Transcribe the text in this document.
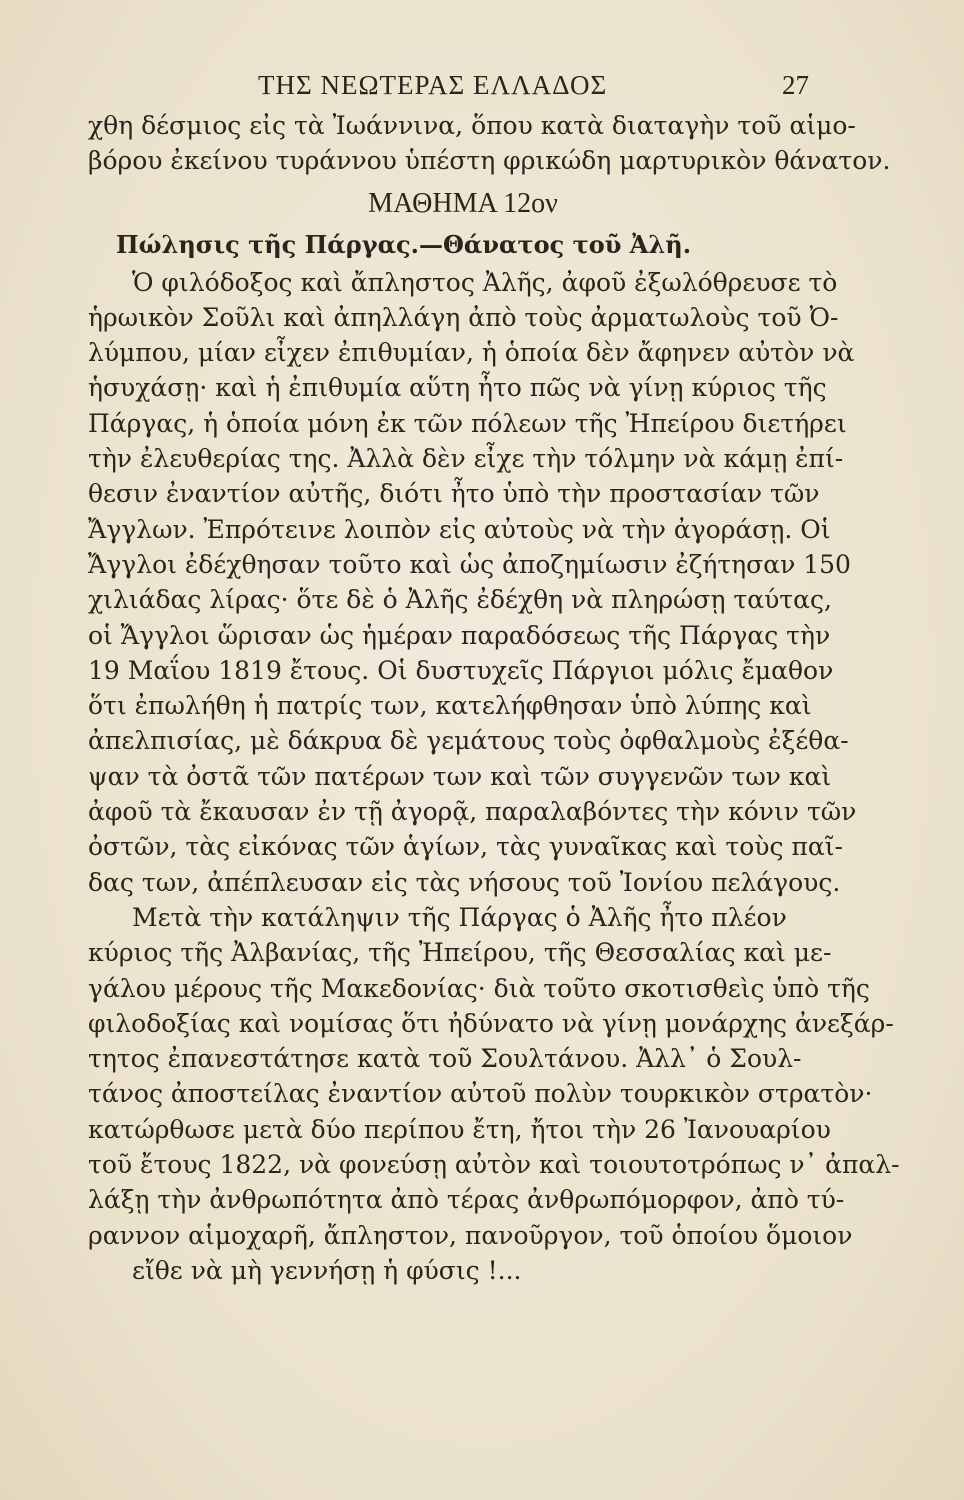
ΤΗΣ ΝΕΩΤΕΡΑΣ ΕΛΛΑΔΟΣ	27
χθη δέσμιος εἰς τὰ Ἰωάννινα, ὅπου κατὰ διαταγὴν τοῦ αἱμο-
βόρου ἐκείνου τυράννου ὑπέστη φρικώδη μαρτυρικὸν θάνατον.
ΜΑΘΗΜΑ 12ον
Πώλησις τῆς Πάργας.—Θάνατος τοῦ Ἀλῆ.
Ὁ φιλόδοξος καὶ ἄπληστος Ἀλῆς, ἀφοῦ ἐξωλόθρευσε τὸ
ἡρωικὸν Σοῦλι καὶ ἀπηλλάγη ἀπὸ τοὺς ἀρματωλοὺς τοῦ Ὀ-
λύμπου, μίαν εἶχεν ἐπιθυμίαν, ἡ ὁποία δὲν ἄφηνεν αὐτὸν νὰ
ἡσυχάσῃ· καὶ ἡ ἐπιθυμία αὕτη ἦτο πῶς νὰ γίνῃ κύριος τῆς
Πάργας, ἡ ὁποία μόνη ἐκ τῶν πόλεων τῆς Ἠπείρου διετήρει
τὴν ἐλευθερίας της. Ἀλλὰ δὲν εἶχε τὴν τόλμην νὰ κάμῃ ἐπί-
θεσιν ἐναντίον αὐτῆς, διότι ἦτο ὑπὸ τὴν προστασίαν τῶν
Ἄγγλων. Ἐπρότεινε λοιπὸν εἰς αὐτοὺς νὰ τὴν ἀγοράσῃ. Οἱ
Ἄγγλοι ἐδέχθησαν τοῦτο καὶ ὡς ἀποζημίωσιν ἐζήτησαν 150
χιλιάδας λίρας· ὅτε δὲ ὁ Ἀλῆς ἐδέχθη νὰ πληρώσῃ ταύτας,
οἱ Ἄγγλοι ὥρισαν ὡς ἡμέραν παραδόσεως τῆς Πάργας τὴν
19 Μαΐου 1819 ἔτους. Οἱ δυστυχεῖς Πάργιοι μόλις ἔμαθον
ὅτι ἐπωλήθη ἡ πατρίς των, κατελήφθησαν ὑπὸ λύπης καὶ
ἀπελπισίας, μὲ δάκρυα δὲ γεμάτους τοὺς ὀφθαλμοὺς ἐξέθα-
ψαν τὰ ὀστᾶ τῶν πατέρων των καὶ τῶν συγγενῶν των καὶ
ἀφοῦ τὰ ἔκαυσαν ἐν τῇ ἀγορᾷ, παραλαβόντες τὴν κόνιν τῶν
ὀστῶν, τὰς εἰκόνας τῶν ἁγίων, τὰς γυναῖκας καὶ τοὺς παῖ-
δας των, ἀπέπλευσαν εἰς τὰς νήσους τοῦ Ἰονίου πελάγους.
Μετὰ τὴν κατάληψιν τῆς Πάργας ὁ Ἀλῆς ἦτο πλέον
κύριος τῆς Ἀλβανίας, τῆς Ἠπείρου, τῆς Θεσσαλίας καὶ με-
γάλου μέρους τῆς Μακεδονίας· διὰ τοῦτο σκοτισθεὶς ὑπὸ τῆς
φιλοδοξίας καὶ νομίσας ὅτι ἠδύνατο νὰ γίνῃ μονάρχης ἀνεξάρ-
τητος ἐπανεστάτησε κατὰ τοῦ Σουλτάνου. Ἀλλ᾽ ὁ Σουλ-
τάνος ἀποστείλας ἐναντίον αὐτοῦ πολὺν τουρκικὸν στρατὸν·
κατώρθωσε μετὰ δύο περίπου ἔτη, ἤτοι τὴν 26 Ἰανουαρίου
τοῦ ἔτους 1822, νὰ φονεύσῃ αὐτὸν καὶ τοιουτοτρόπως ν᾽ ἀπαλ-
λάξῃ τὴν ἀνθρωπότητα ἀπὸ τέρας ἀνθρωπόμορφον, ἀπὸ τύ-
ραννον αἱμοχαρῆ, ἄπληστον, πανοῦργον, τοῦ ὁποίου ὅμοιον
εἴθε νὰ μὴ γεννήσῃ ἡ φύσις !...
